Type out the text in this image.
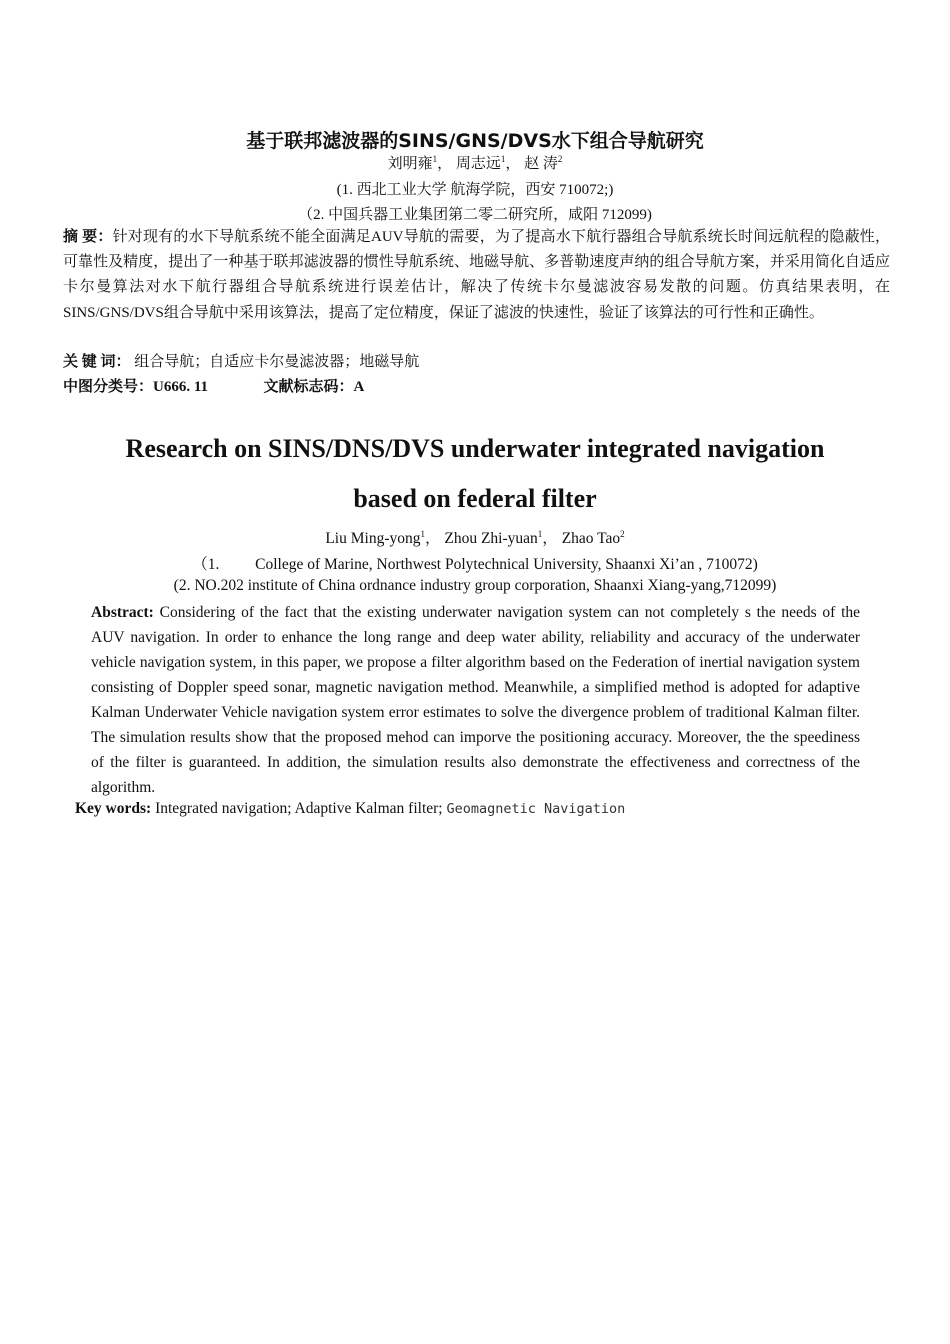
基于联邦滤波器的SINS/GNS/DVS水下组合导航研究
刘明雍$^1$， 周志远$^1$， 赵 涛$^2$
(1. 西北工业大学 航海学院，西安 710072;)
（2. 中国兵器工业集团第二零二研究所，咸阳 712099)
摘 要：针对现有的水下导航系统不能全面满足AUV导航的需要，为了提高水下航行器组合导航系统长时间远航程的隐蔽性，可靠性及精度，提出了一种基于联邦滤波器的惯性导航系统、地磁导航、多普勒速度声纳的组合导航方案，并采用简化自适应卡尔曼算法对水下航行器组合导航系统进行误差估计，解决了传统卡尔曼滤波容易发散的问题。仿真结果表明，在SINS/GNS/DVS组合导航中采用该算法，提高了定位精度，保证了滤波的快速性，验证了该算法的可行性和正确性。
关 键 词： 组合导航；自适应卡尔曼滤波器；地磁导航
中图分类号：U666. 11	文献标志码：A
Research on SINS/DNS/DVS underwater integrated navigation
based on federal filter
Liu Ming-yong$^1$， Zhou Zhi-yuan$^1$， Zhao Tao$^2$
（1. College of Marine, Northwest Polytechnical University, Shaanxi Xi’an , 710072)
(2. NO.202 institute of China ordnance industry group corporation, Shaanxi Xiang-yang,712099)
Abstract: Considering of the fact that the existing underwater navigation system can not completely s the needs of the AUV navigation. In order to enhance the long range and deep water ability, reliability and accuracy of the underwater vehicle navigation system, in this paper, we propose a filter algorithm based on the Federation of inertial navigation system consisting of Doppler speed sonar, magnetic navigation method. Meanwhile, a simplified method is adopted for adaptive Kalman Underwater Vehicle navigation system error estimates to solve the divergence problem of traditional Kalman filter. The simulation results show that the proposed mehod can imporve the positioning accuracy. Moreover, the the speediness of the filter is guaranteed. In addition, the simulation results also demonstrate the effectiveness and correctness of the algorithm.
Key words: Integrated navigation; Adaptive Kalman filter; Geomagnetic Navigation
